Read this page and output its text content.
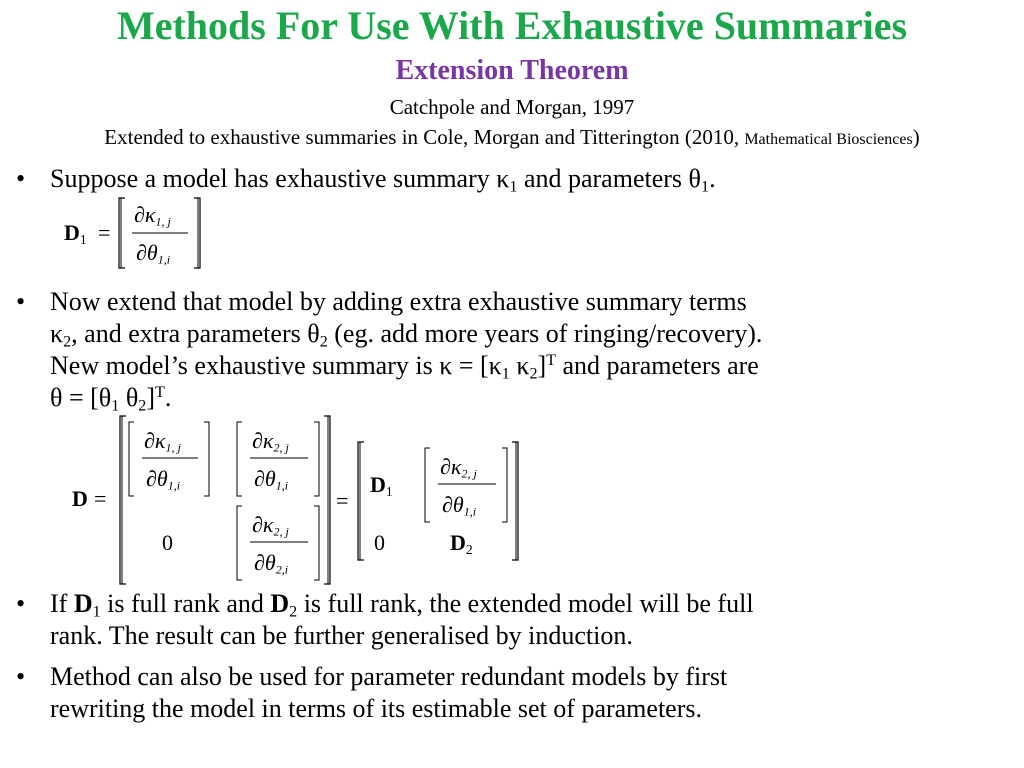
Methods For Use With Exhaustive Summaries
Extension Theorem
Catchpole and Morgan, 1997
Extended to exhaustive summaries in Cole, Morgan and Titterington (2010, Mathematical Biosciences)
• Suppose a model has exhaustive summary $\kappa_1$ and parameters $\theta_1$.
$D_1$ =
$\partial\kappa_{1, j}$
$\partial\theta_{1,i}$
• Now extend that model by adding extra exhaustive summary terms
$\kappa_2$, and extra parameters $\theta_2$ (eg. add more years of ringing/recovery).
New model’s exhaustive summary is $\kappa = [\kappa_1$ $\kappa_2]^T$ and parameters are
$\theta = [\theta_1$ $\theta_2]^T$.
D =
$\partial\kappa_{1, j}$
$\partial\theta_{1,i}$
$\partial\kappa_{2, j}$
$\partial\theta_{1,i}$
0
$\partial\kappa_{2, j}$
$\partial\theta_{2,i}$
=
$D_1$
$\partial\kappa_{2, j}$
$\partial\theta_{1,i}$
0	$D_2$
• If $D_1$ is full rank and $D_2$ is full rank, the extended model will be full
rank. The result can be further generalised by induction.
• Method can also be used for parameter redundant models by first
rewriting the model in terms of its estimable set of parameters.
